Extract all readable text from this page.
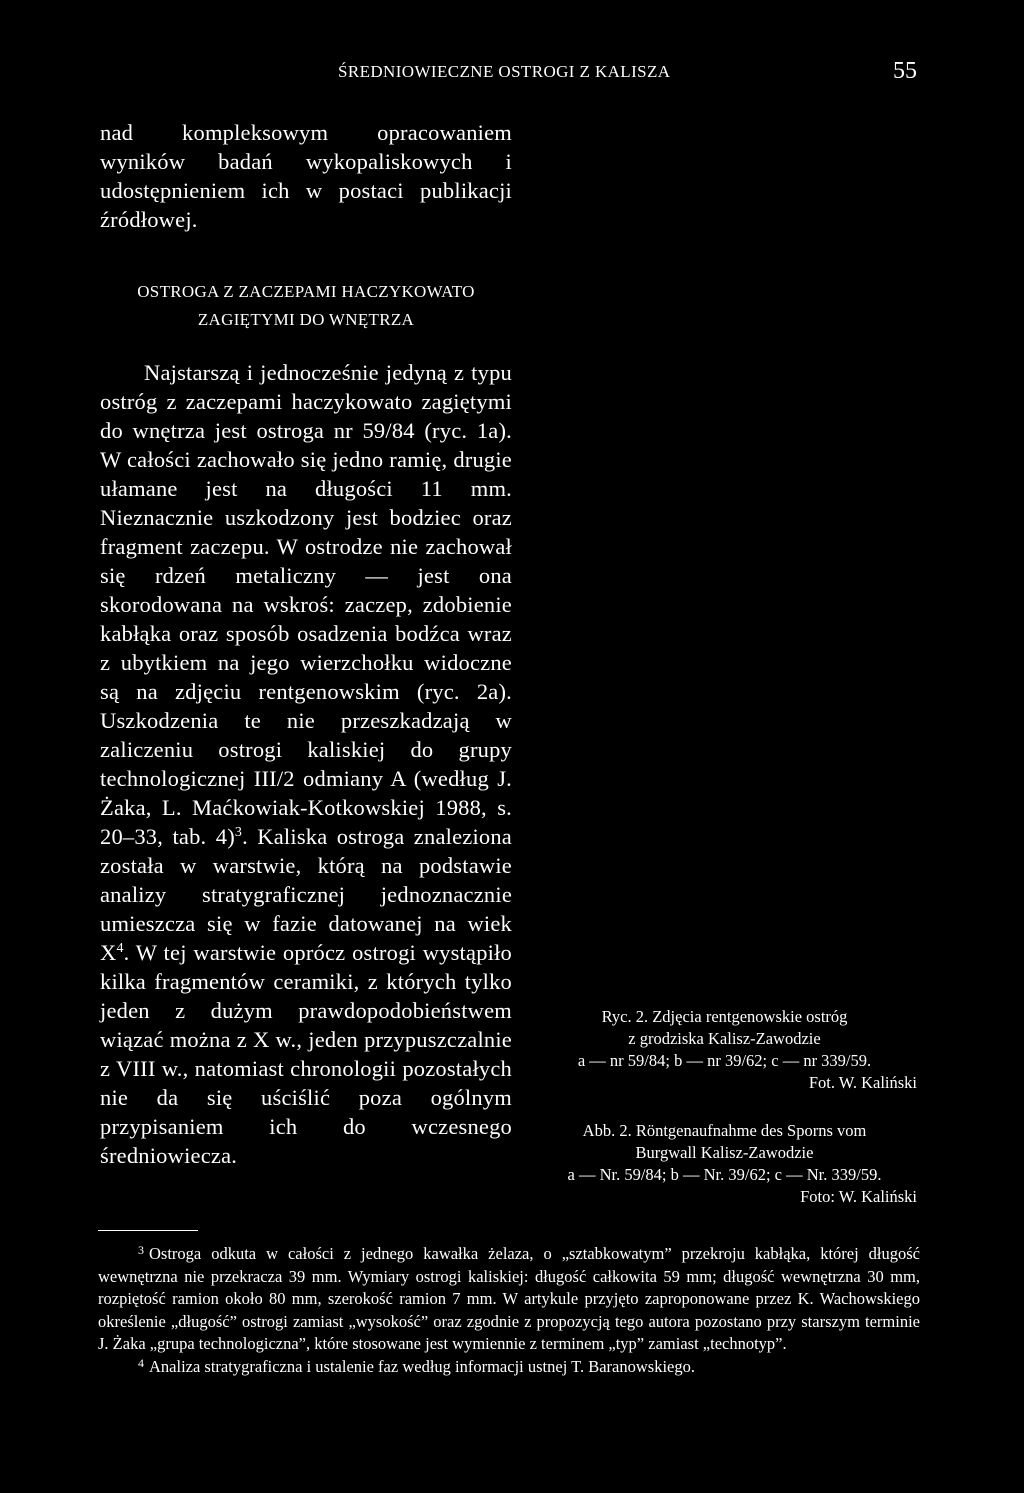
ŚREDNIOWIECZNE OSTROGI Z KALISZA	55

nad kompleksowym opracowaniem wyników badań wykopaliskowych i udostępnieniem ich w postaci publikacji źródłowej.

OSTROGA Z ZACZEPAMI HACZYKOWATO
ZAGIĘTYMI DO WNĘTRZA

Najstarszą i jednocześnie jedyną z typu ostróg z zaczepami haczykowato zagiętymi do wnętrza jest ostroga nr 59/84 (ryc. 1a). W całości zachowało się jedno ramię, drugie ułamane jest na długości 11 mm. Nieznacznie uszkodzony jest bodziec oraz fragment zaczepu. W ostrodze nie zachował się rdzeń metaliczny — jest ona skorodowana na wskroś: zaczep, zdobienie kabłąka oraz sposób osadzenia bodźca wraz z ubytkiem na jego wierzchołku widoczne są na zdjęciu rentgenowskim (ryc. 2a). Uszkodzenia te nie przeszkadzają w zaliczeniu ostrogi kaliskiej do grupy technologicznej III/2 odmiany A (według J. Żaka, L. Maćkowiak-Kotkowskiej 1988, s. 20–33, tab. 4)$^3$. Kaliska ostroga znaleziona została w warstwie, którą na podstawie analizy stratygraficznej jednoznacznie umieszcza się w fazie datowanej na wiek $X^4$. W tej warstwie oprócz ostrogi wystąpiło kilka fragmentów ceramiki, z których tylko jeden z dużym prawdopodobieństwem wiązać można z X w., jeden przypuszczalnie z VIII w., natomiast chronologii pozostałych nie da się uściślić poza ogólnym przypisaniem ich do wczesnego średniowiecza.

Ryc. 2. Zdjęcia rentgenowskie ostróg
z grodziska Kalisz-Zawodzie
a — nr 59/84; b — nr 39/62; c — nr 339/59.
Fot. W. Kaliński
Abb. 2. Röntgenaufnahme des Sporns vom
Burgwall Kalisz-Zawodzie
a — Nr. 59/84; b — Nr. 39/62; c — Nr. 339/59.
Foto: W. Kaliński

$^3$ Ostroga odkuta w całości z jednego kawałka żelaza, o „sztabkowatym” przekroju kabłąka, której długość wewnętrzna nie przekracza 39 mm. Wymiary ostrogi kaliskiej: długość całkowita 59 mm; długość wewnętrzna 30 mm, rozpiętość ramion około 80 mm, szerokość ramion 7 mm. W artykule przyjęto zaproponowane przez K. Wachowskiego określenie „długość” ostrogi zamiast „wysokość” oraz zgodnie z propozycją tego autora pozostano przy starszym terminie J. Żaka „grupa technologiczna”, które stosowane jest wymiennie z terminem „typ” zamiast „technotyp”.

$^4$ Analiza stratygraficzna i ustalenie faz według informacji ustnej T. Baranowskiego.
